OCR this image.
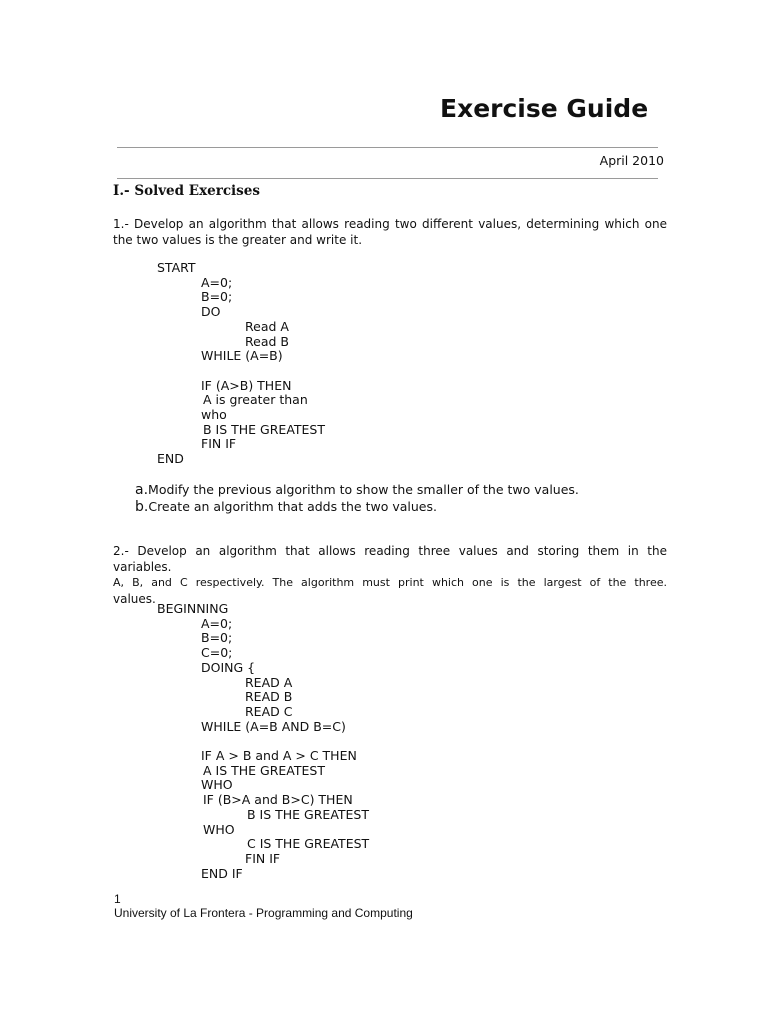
Exercise Guide
April 2010
I.- Solved Exercises
1.- Develop an algorithm that allows reading two different values, determining which one
the two values is the greater and write it.
START
A=0;
B=0;
DO
Read A
Read B
WHILE (A=B)

IF (A>B) THEN
A is greater than
who
B IS THE GREATEST
FIN IF
END
a.Modify the previous algorithm to show the smaller of the two values.
b.Create an algorithm that adds the two values.
2.- Develop an algorithm that allows reading three values and storing them in the variables.
A, B, and C respectively. The algorithm must print which one is the largest of the three.
values.
BEGINNING
A=0;
B=0;
C=0;
DOING {
READ A
READ B
READ C
WHILE (A=B AND B=C)

IF A > B and A > C THEN
A IS THE GREATEST
WHO
IF (B>A and B>C) THEN
B IS THE GREATEST
WHO
C IS THE GREATEST
FIN IF
END IF
1
University of La Frontera - Programming and Computing
